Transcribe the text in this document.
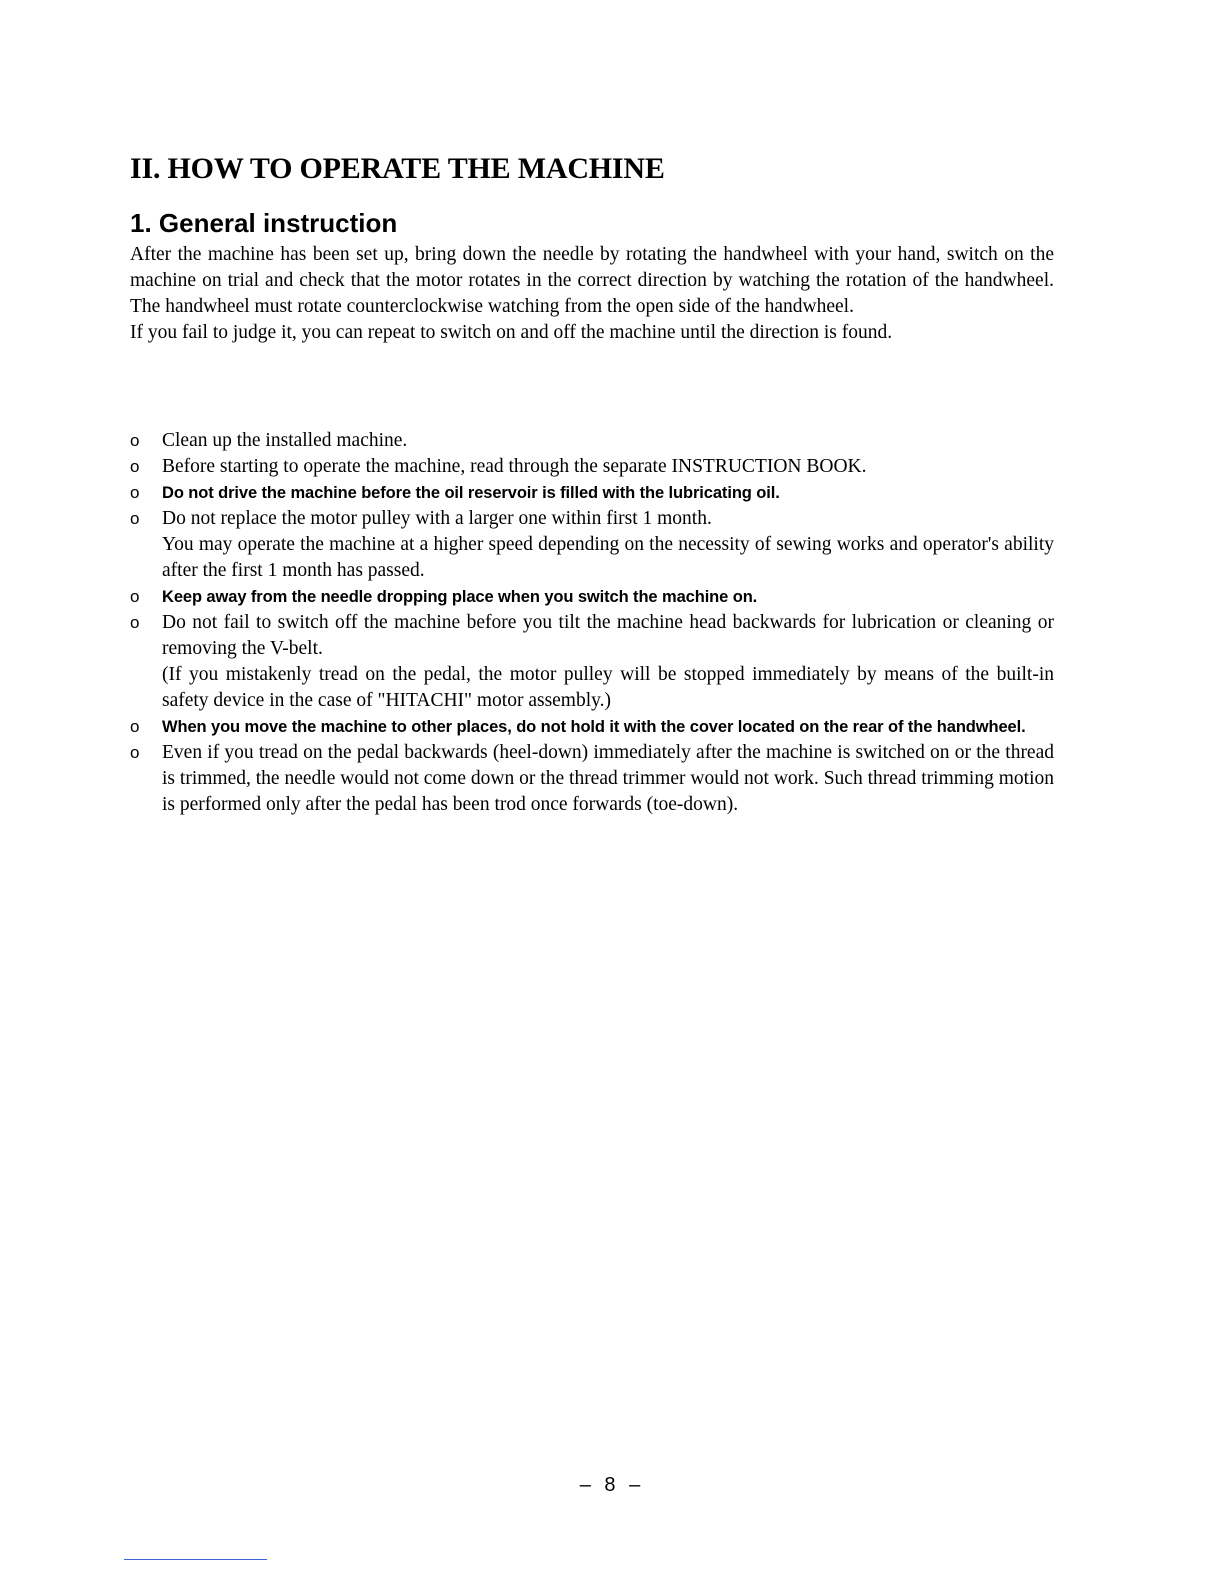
II. HOW TO OPERATE THE MACHINE
1. General instruction

After the machine has been set up, bring down the needle by rotating the handwheel with your hand, switch on the machine on trial and check that the motor rotates in the correct direction by watching the rotation of the handwheel. The handwheel must rotate counterclockwise watching from the open side of the handwheel.

If you fail to judge it, you can repeat to switch on and off the machine until the direction is found.

o Clean up the installed machine.
o Before starting to operate the machine, read through the separate INSTRUCTION BOOK.
o Do not drive the machine before the oil reservoir is filled with the lubricating oil.
o Do not replace the motor pulley with a larger one within first 1 month.
You may operate the machine at a higher speed depending on the necessity of sewing works and operator's ability after the first 1 month has passed.
o Keep away from the needle dropping place when you switch the machine on.
o Do not fail to switch off the machine before you tilt the machine head backwards for lubrication or cleaning or removing the V-belt.
(If you mistakenly tread on the pedal, the motor pulley will be stopped immediately by means of the built-in safety device in the case of "HITACHI" motor assembly.)
o When you move the machine to other places, do not hold it with the cover located on the rear of the handwheel.
o Even if you tread on the pedal backwards (heel-down) immediately after the machine is switched on or the thread is trimmed, the needle would not come down or the thread trimmer would not work. Such thread trimming motion is performed only after the pedal has been trod once forwards (toe-down).
– 8 –
